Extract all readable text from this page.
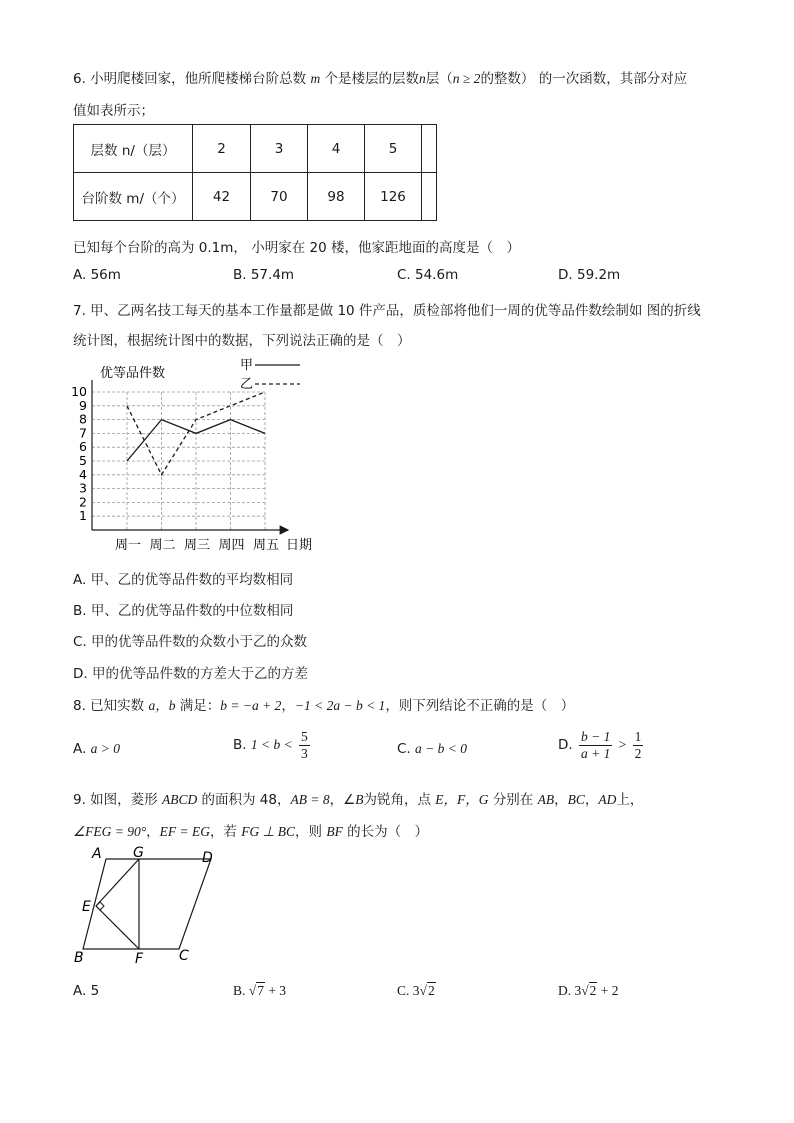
6. 小明爬楼回家，他所爬楼梯台阶总数 m 个是楼层的层数n层（n ≥ 2的整数） 的一次函数，其部分对应
值如表所示；
层数 n/（层）	2	3	4	5	
台阶数 m/（个）	42	70	98	126	
已知每个台阶的高为 0.1m， 小明家在 20 楼，他家距地面的高度是（　）
A. 56m	B. 57.4m	C. 54.6m	D. 59.2m
7. 甲、乙两名技工每天的基本工作量都是做 10 件产品，质检部将他们一周的优等品件数绘制如 图的折线
统计图，根据统计图中的数据，下列说法正确的是（　）
优等品件数
日期
1
2
3
4
5
6
7
8
9
10
周一 周二 周三 周四 周五
甲
乙
A. 甲、乙的优等品件数的平均数相同
B. 甲、乙的优等品件数的中位数相同
C. 甲的优等品件数的众数小于乙的众数
D. 甲的优等品件数的方差大于乙的方差
8. 已知实数 a，b 满足：b = −a + 2，−1 < 2a − b < 1，则下列结论不正确的是（　）
A. a > 0	B. $1 < b < \frac{5}{3}$	C. a − b < 0	D. $\frac{b - 1}{a + 1} > \frac{1}{2}$
9. 如图，菱形 ABCD 的面积为 48，AB = 8，∠B为锐角，点 E，F，G 分别在 AB，BC，AD上，
∠FEG = 90°，EF = EG，若 FG ⊥ BC，则 BF 的长为（　）
A G	D
E
B	F	C
A. 5	B. √7 + 3	C. 3√2	D. 3√2 + 2
